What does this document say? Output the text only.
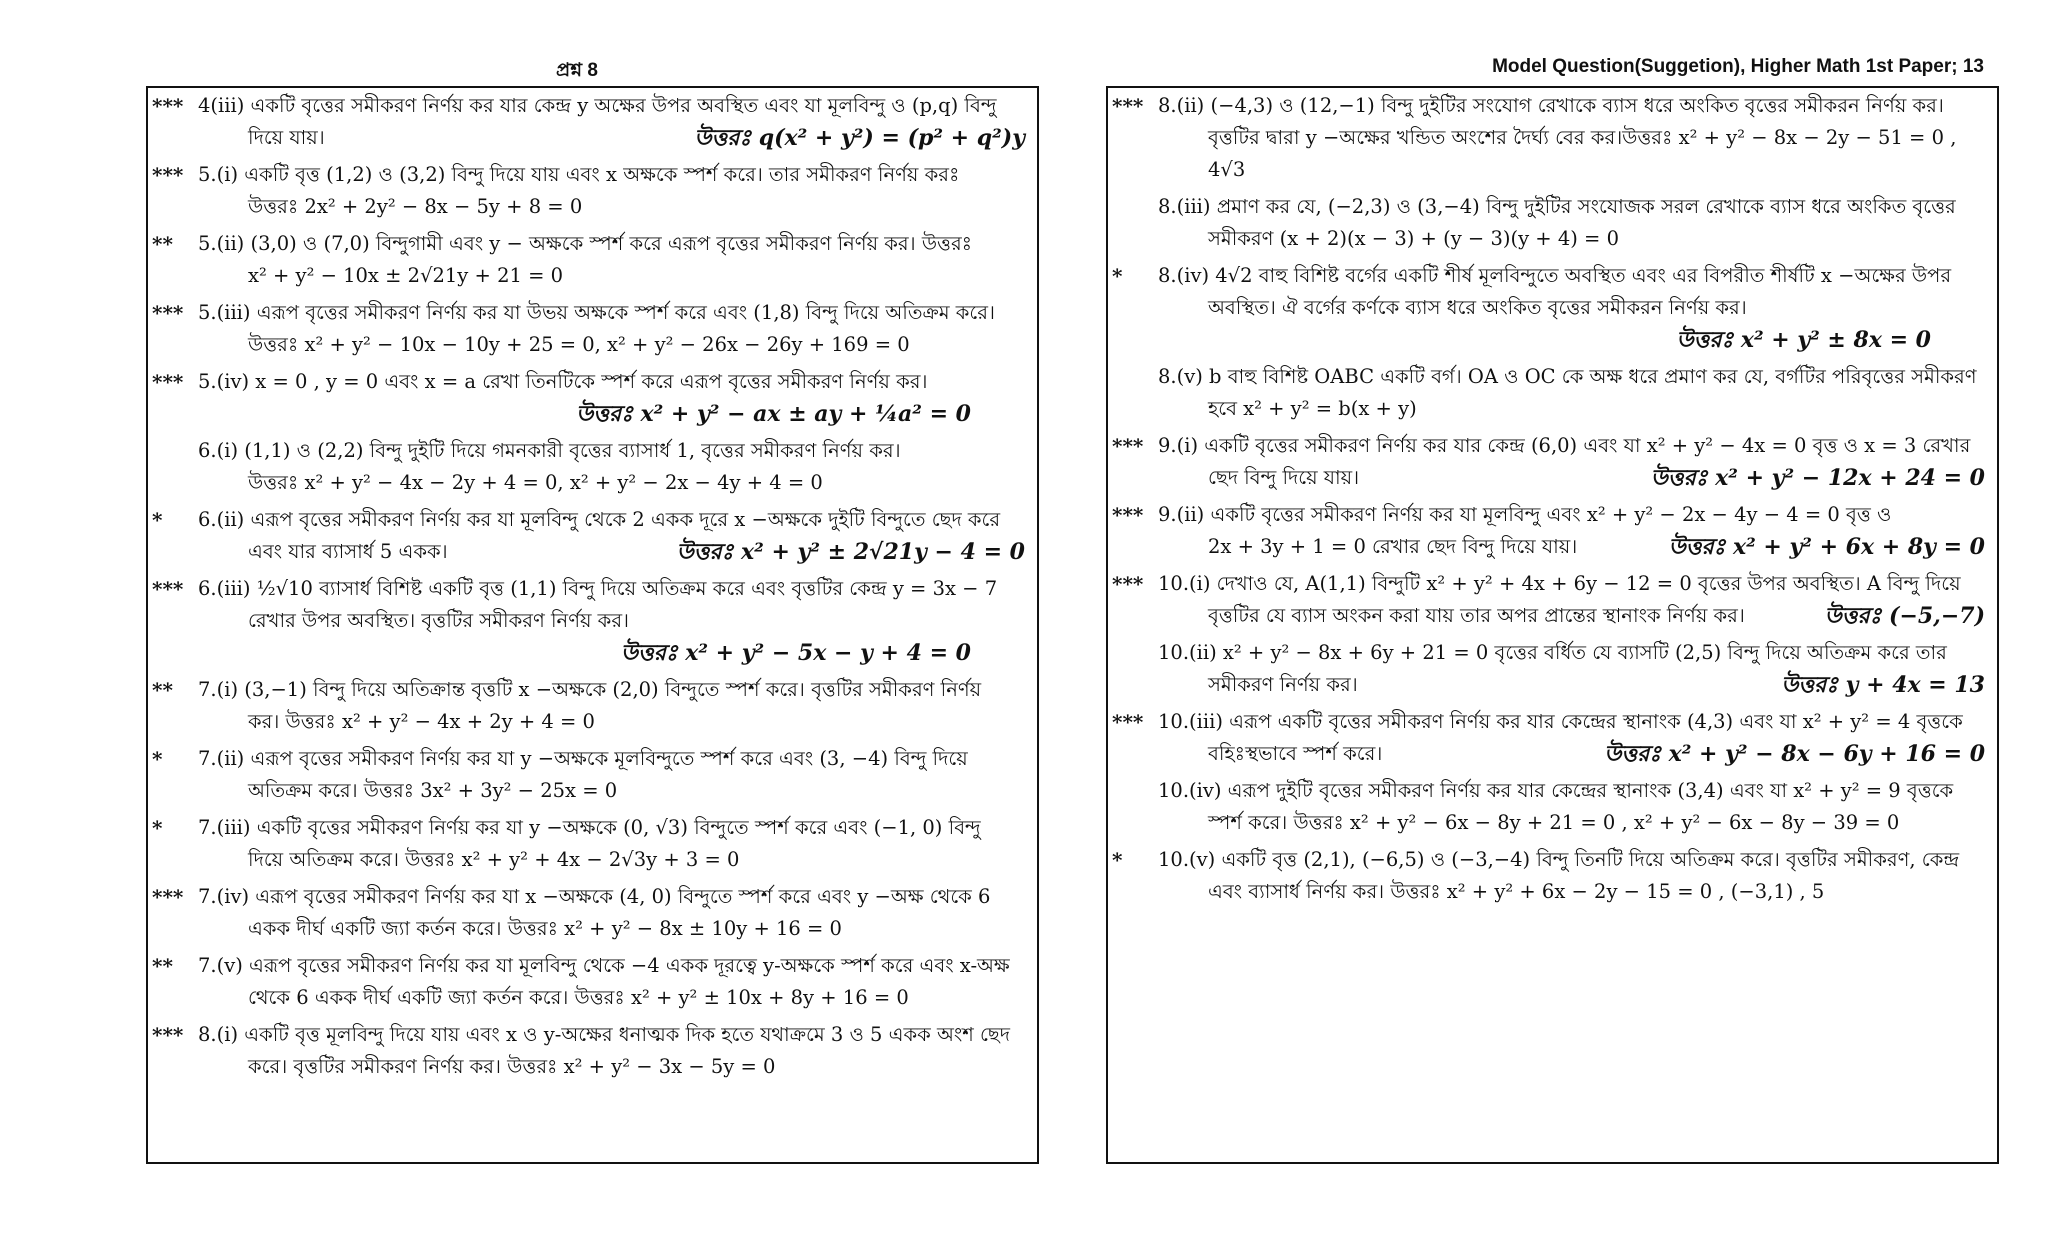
প্রশ্ন 8	Model Question(Suggetion), Higher Math 1st Paper; 13
*** 4(iii) একটি বৃত্তের সমীকরণ নির্ণয় কর যার কেন্দ্র y অক্ষের উপর অবস্থিত এবং যা মূলবিন্দু ও (p,q) বিন্দু
দিয়ে যায়।	উত্তরঃ q(x² + y²) = (p² + q²)y
*** 5.(i) একটি বৃত্ত (1,2) ও (3,2) বিন্দু দিয়ে যায় এবং x অক্ষকে স্পর্শ করে। তার সমীকরণ নির্ণয় করঃ
উত্তরঃ 2x² + 2y² − 8x − 5y + 8 = 0
**	5.(ii) (3,0) ও (7,0) বিন্দুগামী এবং y − অক্ষকে স্পর্শ করে এরূপ বৃত্তের সমীকরণ নির্ণয় কর। উত্তরঃ
x² + y² − 10x ± 2√21y + 21 = 0
*** 5.(iii) এরূপ বৃত্তের সমীকরণ নির্ণয় কর যা উভয় অক্ষকে স্পর্শ করে এবং (1,8) বিন্দু দিয়ে অতিক্রম করে।
উত্তরঃ x² + y² − 10x − 10y + 25 = 0, x² + y² − 26x − 26y + 169 = 0
*** 5.(iv) x = 0 , y = 0 এবং x = a রেখা তিনটিকে স্পর্শ করে এরূপ বৃত্তের সমীকরণ নির্ণয় কর।
উত্তরঃ x² + y² − ax ± ay + ¼a² = 0
6.(i) (1,1) ও (2,2) বিন্দু দুইটি দিয়ে গমনকারী বৃত্তের ব্যাসার্ধ 1, বৃত্তের সমীকরণ নির্ণয় কর।
উত্তরঃ x² + y² − 4x − 2y + 4 = 0, x² + y² − 2x − 4y + 4 = 0
*	6.(ii) এরূপ বৃত্তের সমীকরণ নির্ণয় কর যা মূলবিন্দু থেকে 2 একক দূরে x −অক্ষকে দুইটি বিন্দুতে ছেদ করে
এবং যার ব্যাসার্ধ 5 একক।	উত্তরঃ x² + y² ± 2√21y − 4 = 0
*** 6.(iii) ½√10 ব্যাসার্ধ বিশিষ্ট একটি বৃত্ত (1,1) বিন্দু দিয়ে অতিক্রম করে এবং বৃত্তটির কেন্দ্র y = 3x − 7
রেখার উপর অবস্থিত। বৃত্তটির সমীকরণ নির্ণয় কর।
উত্তরঃ x² + y² − 5x − y + 4 = 0
**	7.(i) (3,−1) বিন্দু দিয়ে অতিক্রান্ত বৃত্তটি x −অক্ষকে (2,0) বিন্দুতে স্পর্শ করে। বৃত্তটির সমীকরণ নির্ণয়
কর। উত্তরঃ x² + y² − 4x + 2y + 4 = 0
*	7.(ii) এরূপ বৃত্তের সমীকরণ নির্ণয় কর যা y −অক্ষকে মূলবিন্দুতে স্পর্শ করে এবং (3, −4) বিন্দু দিয়ে
অতিক্রম করে। উত্তরঃ 3x² + 3y² − 25x = 0
*	7.(iii) একটি বৃত্তের সমীকরণ নির্ণয় কর যা y −অক্ষকে (0, √3) বিন্দুতে স্পর্শ করে এবং (−1, 0) বিন্দু
দিয়ে অতিক্রম করে। উত্তরঃ x² + y² + 4x − 2√3y + 3 = 0
*** 7.(iv) এরূপ বৃত্তের সমীকরণ নির্ণয় কর যা x −অক্ষকে (4, 0) বিন্দুতে স্পর্শ করে এবং y −অক্ষ থেকে 6
একক দীর্ঘ একটি জ্যা কর্তন করে। উত্তরঃ x² + y² − 8x ± 10y + 16 = 0
**	7.(v) এরূপ বৃত্তের সমীকরণ নির্ণয় কর যা মূলবিন্দু থেকে −4 একক দূরত্বে y-অক্ষকে স্পর্শ করে এবং x-অক্ষ
থেকে 6 একক দীর্ঘ একটি জ্যা কর্তন করে। উত্তরঃ x² + y² ± 10x + 8y + 16 = 0
*** 8.(i) একটি বৃত্ত মূলবিন্দু দিয়ে যায় এবং x ও y-অক্ষের ধনাত্মক দিক হতে যথাক্রমে 3 ও 5 একক অংশ ছেদ
করে। বৃত্তটির সমীকরণ নির্ণয় কর। উত্তরঃ x² + y² − 3x − 5y = 0
*** 8.(ii) (−4,3) ও (12,−1) বিন্দু দুইটির সংযোগ রেখাকে ব্যাস ধরে অংকিত বৃত্তের সমীকরন নির্ণয় কর।
বৃত্তটির দ্বারা y −অক্ষের খন্ডিত অংশের দৈর্ঘ্য বের কর।উত্তরঃ x² + y² − 8x − 2y − 51 = 0 ,
4√3
8.(iii) প্রমাণ কর যে, (−2,3) ও (3,−4) বিন্দু দুইটির সংযোজক সরল রেখাকে ব্যাস ধরে অংকিত বৃত্তের
সমীকরণ (x + 2)(x − 3) + (y − 3)(y + 4) = 0
*	8.(iv) 4√2 বাহু বিশিষ্ট বর্গের একটি শীর্ষ মূলবিন্দুতে অবস্থিত এবং এর বিপরীত শীর্ষটি x −অক্ষের উপর
অবস্থিত। ঐ বর্গের কর্ণকে ব্যাস ধরে অংকিত বৃত্তের সমীকরন নির্ণয় কর।
উত্তরঃ x² + y² ± 8x = 0
8.(v) b বাহু বিশিষ্ট OABC একটি বর্গ। OA ও OC কে অক্ষ ধরে প্রমাণ কর যে, বর্গটির পরিবৃত্তের সমীকরণ
হবে x² + y² = b(x + y)
*** 9.(i) একটি বৃত্তের সমীকরণ নির্ণয় কর যার কেন্দ্র (6,0) এবং যা x² + y² − 4x = 0 বৃত্ত ও x = 3 রেখার
ছেদ বিন্দু দিয়ে যায়।	উত্তরঃ x² + y² − 12x + 24 = 0
*** 9.(ii) একটি বৃত্তের সমীকরণ নির্ণয় কর যা মূলবিন্দু এবং x² + y² − 2x − 4y − 4 = 0 বৃত্ত ও
2x + 3y + 1 = 0 রেখার ছেদ বিন্দু দিয়ে যায়।	উত্তরঃ x² + y² + 6x + 8y = 0
*** 10.(i) দেখাও যে, A(1,1) বিন্দুটি x² + y² + 4x + 6y − 12 = 0 বৃত্তের উপর অবস্থিত। A বিন্দু দিয়ে
বৃত্তটির যে ব্যাস অংকন করা যায় তার অপর প্রান্তের স্থানাংক নির্ণয় কর।	উত্তরঃ (−5,−7)
10.(ii) x² + y² − 8x + 6y + 21 = 0 বৃত্তের বর্ধিত যে ব্যাসটি (2,5) বিন্দু দিয়ে অতিক্রম করে তার
সমীকরণ নির্ণয় কর।	উত্তরঃ y + 4x = 13
*** 10.(iii) এরূপ একটি বৃত্তের সমীকরণ নির্ণয় কর যার কেন্দ্রের স্থানাংক (4,3) এবং যা x² + y² = 4 বৃত্তকে
বহিঃস্থভাবে স্পর্শ করে।	উত্তরঃ x² + y² − 8x − 6y + 16 = 0
10.(iv) এরূপ দুইটি বৃত্তের সমীকরণ নির্ণয় কর যার কেন্দ্রের স্থানাংক (3,4) এবং যা x² + y² = 9 বৃত্তকে
স্পর্শ করে। উত্তরঃ x² + y² − 6x − 8y + 21 = 0 , x² + y² − 6x − 8y − 39 = 0
*	10.(v) একটি বৃত্ত (2,1), (−6,5) ও (−3,−4) বিন্দু তিনটি দিয়ে অতিক্রম করে। বৃত্তটির সমীকরণ, কেন্দ্র
এবং ব্যাসার্ধ নির্ণয় কর। উত্তরঃ x² + y² + 6x − 2y − 15 = 0 , (−3,1) , 5
